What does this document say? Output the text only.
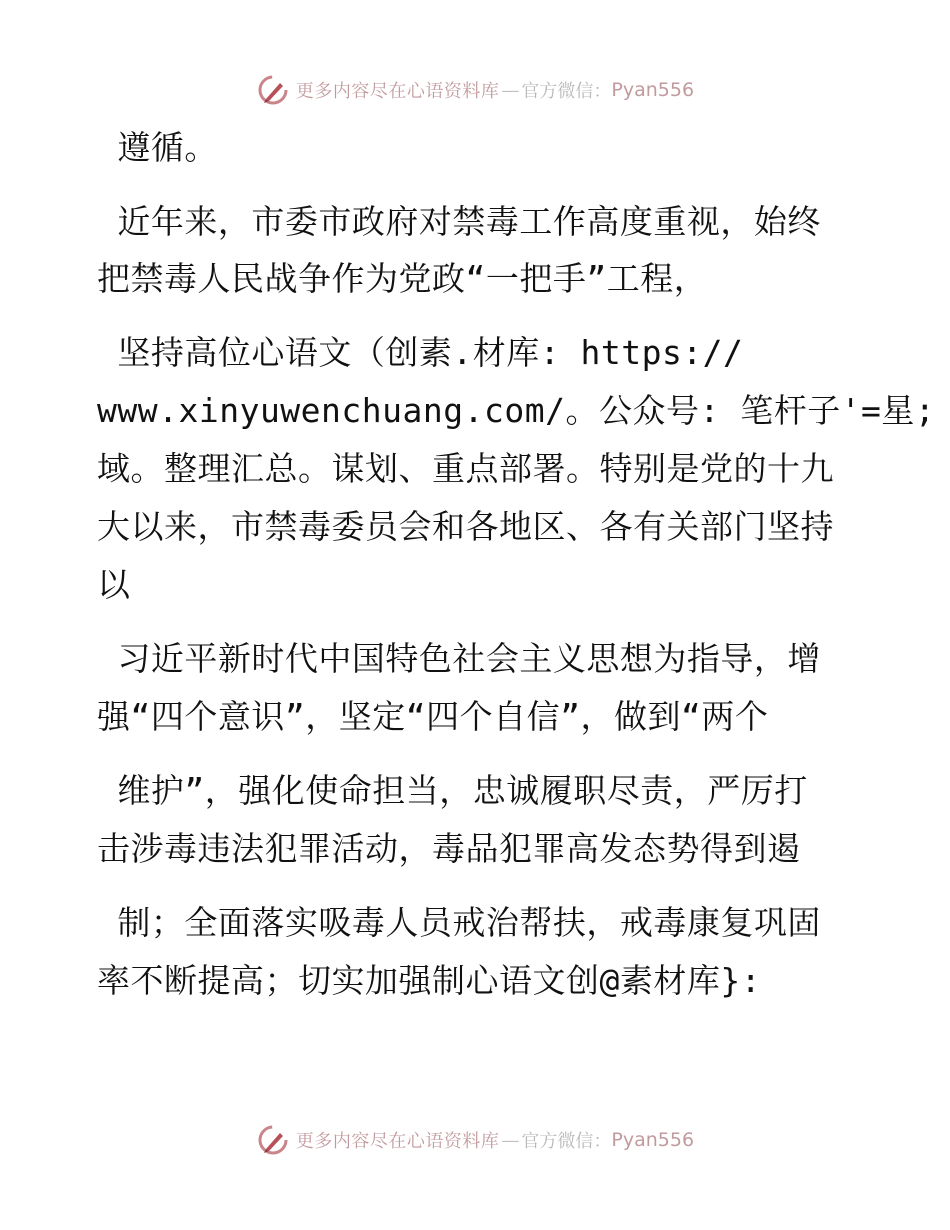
更多内容尽在心语资料库 — 官方微信： Pyan556
遵循。
近年来，市委市政府对禁毒工作高度重视，始终
把禁毒人民战争作为党政“一把手”工程，
坚持高位心语文（创素.材库: https://
www.xinyuwenchuang.com/。公众号: 笔杆子'=星;
域。整理汇总。谋划、重点部署。特别是党的十九
大以来，市禁毒委员会和各地区、各有关部门坚持
以
习近平新时代中国特色社会主义思想为指导，增
强“四个意识”，坚定“四个自信”，做到“两个
维护”，强化使命担当，忠诚履职尽责，严厉打
击涉毒违法犯罪活动，毒品犯罪高发态势得到遏
制；全面落实吸毒人员戒治帮扶，戒毒康复巩固
率不断提高；切实加强制心语文创@素材库}:
更多内容尽在心语资料库 — 官方微信： Pyan556
